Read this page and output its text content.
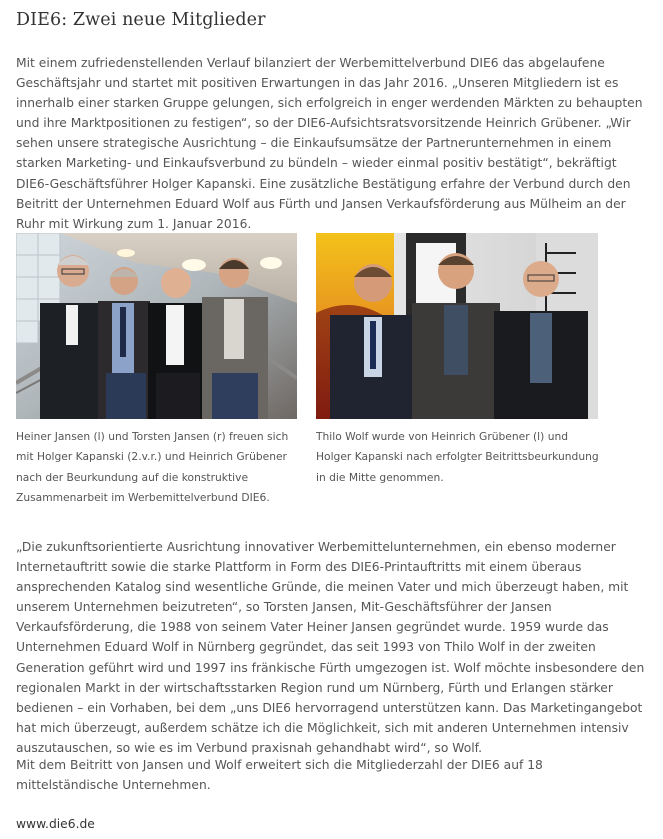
DIE6: Zwei neue Mitglieder

Mit einem zufriedenstellenden Verlauf bilanziert der Werbemittelverbund DIE6 das abgelaufene Geschäftsjahr und startet mit positiven Erwartungen in das Jahr 2016. „Unseren Mitgliedern ist es innerhalb einer starken Gruppe gelungen, sich erfolgreich in enger werdenden Märkten zu behaupten und ihre Marktpositionen zu festigen“, so der DIE6-Aufsichtsratsvorsitzende Heinrich Grübener. „Wir sehen unsere strategische Ausrichtung – die Einkaufsumsätze der Partnerunternehmen in einem starken Marketing- und Einkaufsverbund zu bündeln – wieder einmal positiv bestätigt“, bekräftigt DIE6-Geschäftsführer Holger Kapanski. Eine zusätzliche Bestätigung erfahre der Verbund durch den Beitritt der Unternehmen Eduard Wolf aus Fürth und Jansen Verkaufsförderung aus Mülheim an der Ruhr mit Wirkung zum 1. Januar 2016.

Heiner Jansen (l) und Torsten Jansen (r) freuen sich mit Holger Kapanski (2.v.r.) und Heinrich Grübener nach der Beurkundung auf die konstruktive Zusammenarbeit im Werbemittelverbund DIE6.
Thilo Wolf wurde von Heinrich Grübener (l) und Holger Kapanski nach erfolgter Beitrittsbeurkundung in die Mitte genommen.

„Die zukunftsorientierte Ausrichtung innovativer Werbemittelunternehmen, ein ebenso moderner Internetauftritt sowie die starke Plattform in Form des DIE6-Printauftritts mit einem überaus ansprechenden Katalog sind wesentliche Gründe, die meinen Vater und mich überzeugt haben, mit unserem Unternehmen beizutreten“, so Torsten Jansen, Mit-Geschäftsführer der Jansen Verkaufsförderung, die 1988 von seinem Vater Heiner Jansen gegründet wurde. 1959 wurde das Unternehmen Eduard Wolf in Nürnberg gegründet, das seit 1993 von Thilo Wolf in der zweiten Generation geführt wird und 1997 ins fränkische Fürth umgezogen ist. Wolf möchte insbesondere den regionalen Markt in der wirtschaftsstarken Region rund um Nürnberg, Fürth und Erlangen stärker bedienen – ein Vorhaben, bei dem „uns DIE6 hervorragend unterstützen kann. Das Marketingangebot hat mich überzeugt, außerdem schätze ich die Möglichkeit, sich mit anderen Unternehmen intensiv auszutauschen, so wie es im Verbund praxisnah gehandhabt wird“, so Wolf.

Mit dem Beitritt von Jansen und Wolf erweitert sich die Mitgliederzahl der DIE6 auf 18 mittelständische Unternehmen.

www.die6.de
